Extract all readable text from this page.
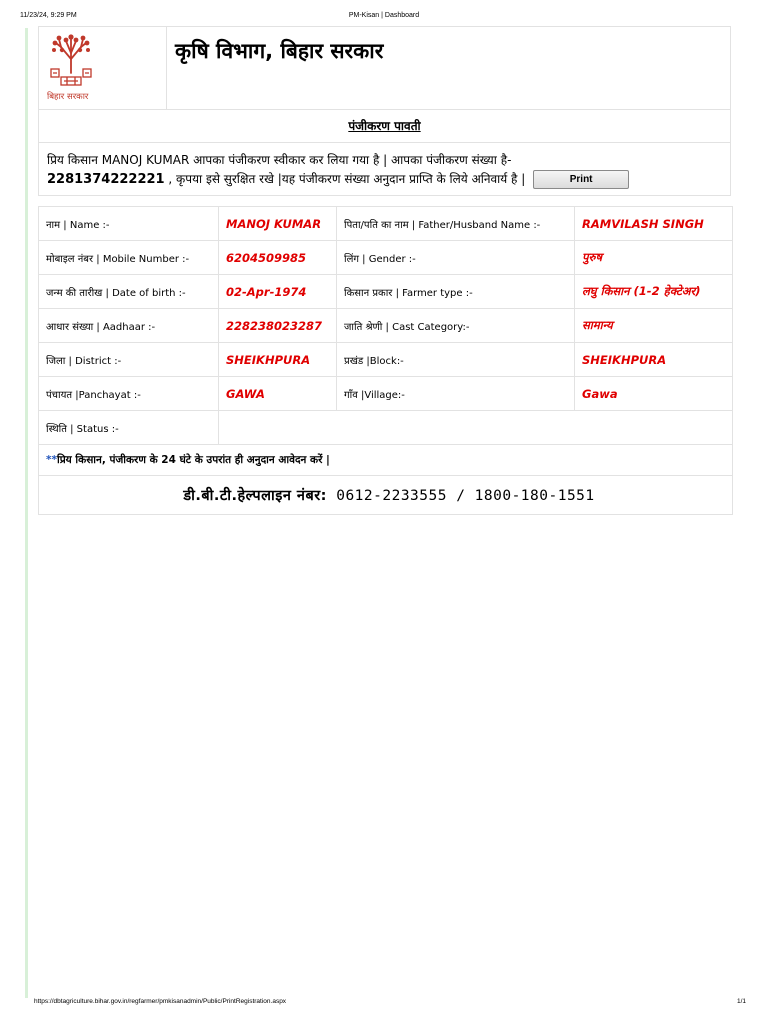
11/23/24, 9:29 PM	PM-Kisan | Dashboard
बिहार सरकार
कृषि विभाग, बिहार सरकार
पंजीकरण पावती
प्रिय किसान MANOJ KUMAR आपका पंजीकरण स्वीकार कर लिया गया है | आपका पंजीकरण संख्या है-
2281374222221 , कृपया इसे सुरक्षित रखे |यह पंजीकरण संख्या अनुदान प्राप्ति के लिये अनिवार्य है |	Print
नाम | Name :-	MANOJ KUMAR	पिता/पति का नाम | Father/Husband Name :-	RAMVILASH SINGH
मोबाइल नंबर | Mobile Number :-	6204509985	लिंग | Gender :-	पुरुष
जन्म की तारीख | Date of birth :-	02-Apr-1974	किसान प्रकार | Farmer type :-	लघु किसान (1-2 हेक्टेअर)
आधार संख्या | Aadhaar :-	228238023287	जाति श्रेणी | Cast Category:-	सामान्य
जिला | District :-	SHEIKHPURA	प्रखंड |Block:-	SHEIKHPURA
पंचायत |Panchayat :-	GAWA	गाँव |Village:-	Gawa
स्थिति | Status :-			
**प्रिय किसान, पंजीकरण के 24 घंटे के उपरांत ही अनुदान आवेदन करें |			
डी.बी.टी.हेल्पलाइन नंबर: 0612-2233555 / 1800-180-1551			
https://dbtagriculture.bihar.gov.in/regfarmer/pmkisanadmin/Public/PrintRegistration.aspx	1/1
